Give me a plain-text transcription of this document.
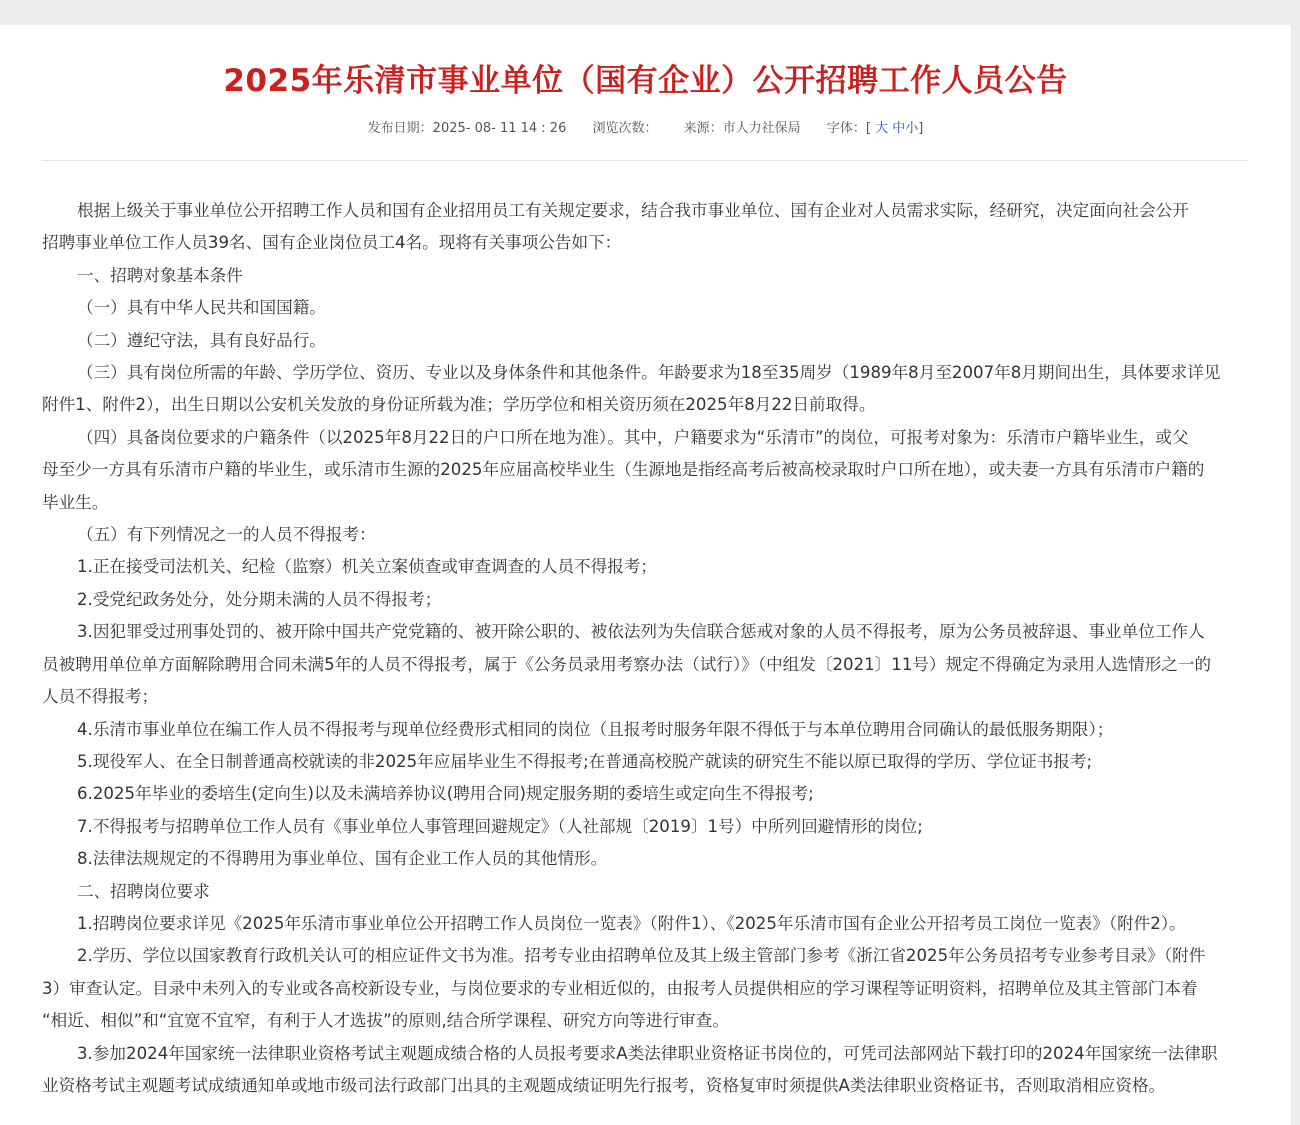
2025年乐清市事业单位（国有企业）公开招聘工作人员公告
发布日期：2025- 08- 11 14 : 26 浏览次数： 来源：市人力社保局 字体：[ 大 中小]

根据上级关于事业单位公开招聘工作人员和国有企业招用员工有关规定要求，结合我市事业单位、国有企业对人员需求实际，经研究，决定面向社会公开

招聘事业单位工作人员39名、国有企业岗位员工4名。现将有关事项公告如下：

一、招聘对象基本条件

（一）具有中华人民共和国国籍。

（二）遵纪守法，具有良好品行。

（三）具有岗位所需的年龄、学历学位、资历、专业以及身体条件和其他条件。年龄要求为18至35周岁（1989年8月至2007年8月期间出生，具体要求详见

附件1、附件2），出生日期以公安机关发放的身份证所载为准；学历学位和相关资历须在2025年8月22日前取得。

（四）具备岗位要求的户籍条件（以2025年8月22日的户口所在地为准）。其中，户籍要求为“乐清市”的岗位，可报考对象为：乐清市户籍毕业生，或父

母至少一方具有乐清市户籍的毕业生，或乐清市生源的2025年应届高校毕业生（生源地是指经高考后被高校录取时户口所在地），或夫妻一方具有乐清市户籍的

毕业生。

（五）有下列情况之一的人员不得报考：

1.正在接受司法机关、纪检（监察）机关立案侦查或审查调查的人员不得报考；

2.受党纪政务处分，处分期未满的人员不得报考；

3.因犯罪受过刑事处罚的、被开除中国共产党党籍的、被开除公职的、被依法列为失信联合惩戒对象的人员不得报考，原为公务员被辞退、事业单位工作人

员被聘用单位单方面解除聘用合同未满5年的人员不得报考，属于《公务员录用考察办法（试行）》（中组发〔2021〕11号）规定不得确定为录用人选情形之一的

人员不得报考；

4.乐清市事业单位在编工作人员不得报考与现单位经费形式相同的岗位（且报考时服务年限不得低于与本单位聘用合同确认的最低服务期限）；

5.现役军人、在全日制普通高校就读的非2025年应届毕业生不得报考;在普通高校脱产就读的研究生不能以原已取得的学历、学位证书报考;

6.2025年毕业的委培生(定向生)以及未满培养协议(聘用合同)规定服务期的委培生或定向生不得报考;

7.不得报考与招聘单位工作人员有《事业单位人事管理回避规定》（人社部规〔2019〕1号）中所列回避情形的岗位;

8.法律法规规定的不得聘用为事业单位、国有企业工作人员的其他情形。

二、招聘岗位要求

1.招聘岗位要求详见《2025年乐清市事业单位公开招聘工作人员岗位一览表》（附件1）、《2025年乐清市国有企业公开招考员工岗位一览表》（附件2）。

2.学历、学位以国家教育行政机关认可的相应证件文书为准。招考专业由招聘单位及其上级主管部门参考《浙江省2025年公务员招考专业参考目录》（附件

3）审查认定。目录中未列入的专业或各高校新设专业，与岗位要求的专业相近似的，由报考人员提供相应的学习课程等证明资料，招聘单位及其主管部门本着

“相近、相似”和“宜宽不宜窄，有利于人才选拔”的原则,结合所学课程、研究方向等进行审查。

3.参加2024年国家统一法律职业资格考试主观题成绩合格的人员报考要求A类法律职业资格证书岗位的，可凭司法部网站下载打印的2024年国家统一法律职

业资格考试主观题考试成绩通知单或地市级司法行政部门出具的主观题成绩证明先行报考，资格复审时须提供A类法律职业资格证书，否则取消相应资格。
